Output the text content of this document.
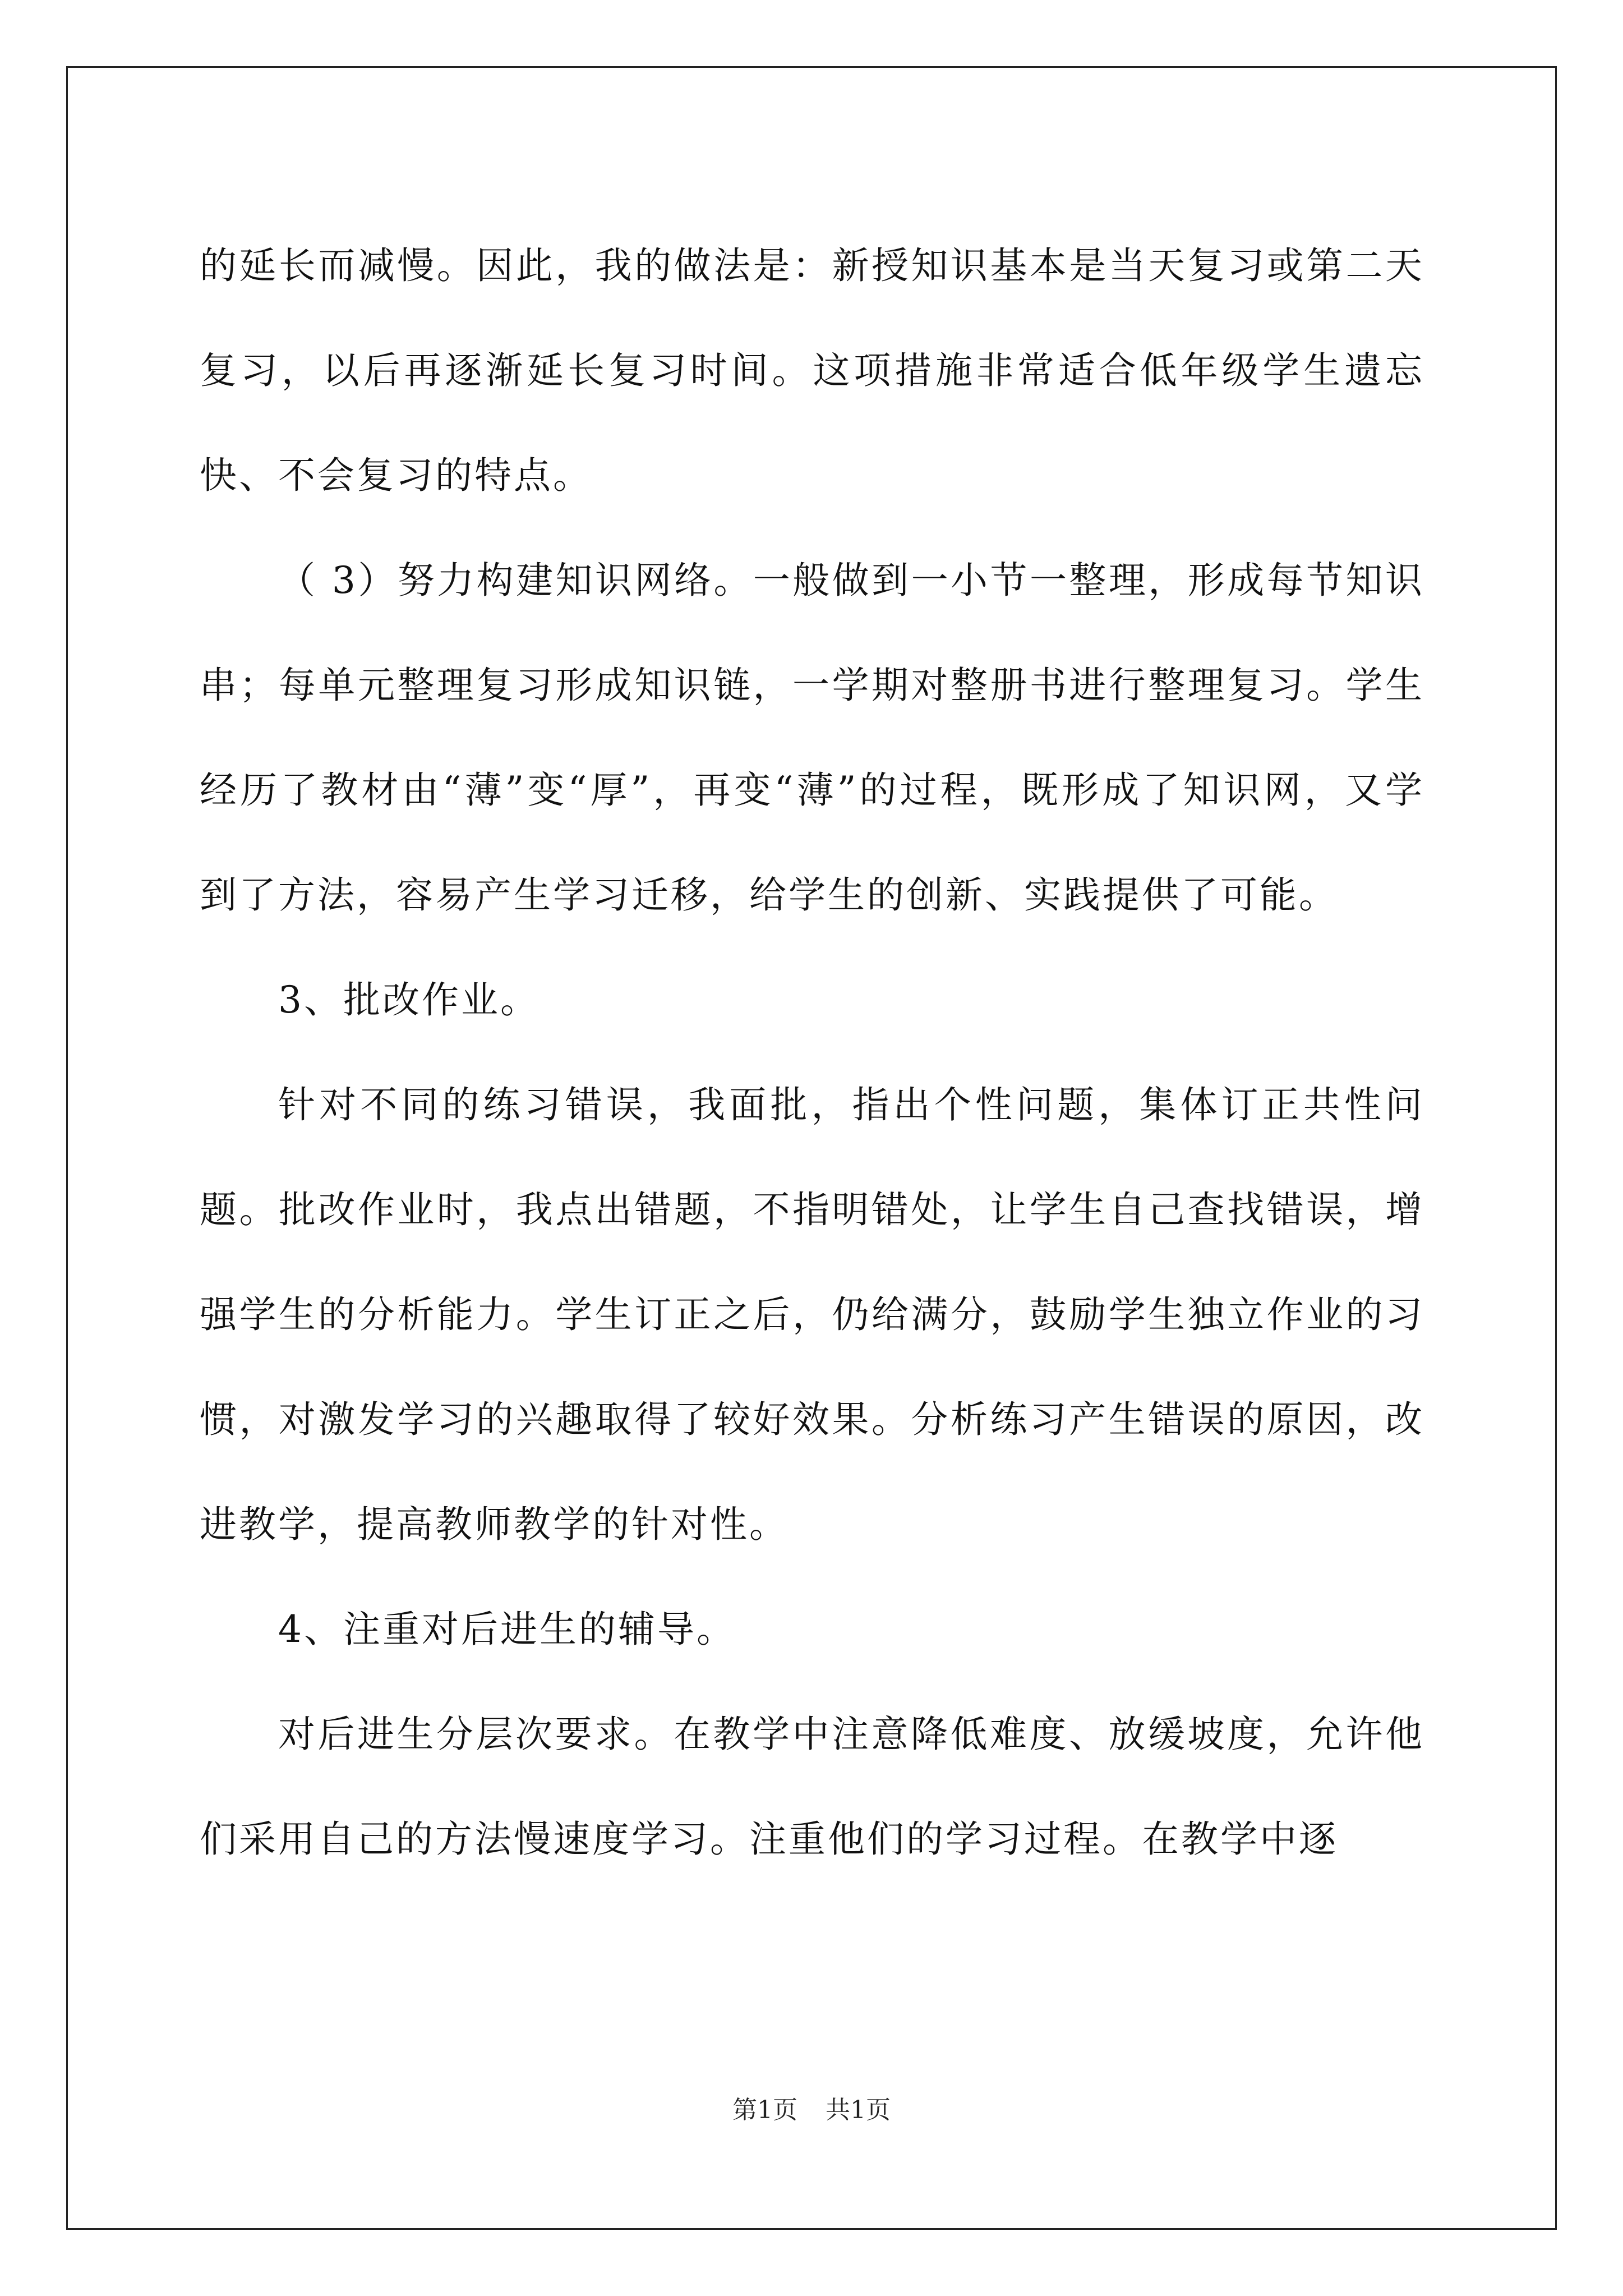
的延长而减慢。因此，我的做法是：新授知识基本是当天复习或第二天复习，以后再逐渐延长复习时间。这项措施非常适合低年级学生遗忘快、不会复习的特点。

（ 3）努力构建知识网络。一般做到一小节一整理，形成每节知识串；每单元整理复习形成知识链，一学期对整册书进行整理复习。学生经历了教材由“薄”变“厚”，再变“薄”的过程，既形成了知识网，又学到了方法，容易产生学习迁移，给学生的创新、实践提供了可能。

3、批改作业。

针对不同的练习错误，我面批，指出个性问题，集体订正共性问题。批改作业时，我点出错题，不指明错处，让学生自己查找错误，增强学生的分析能力。学生订正之后，仍给满分，鼓励学生独立作业的习惯，对激发学习的兴趣取得了较好效果。分析练习产生错误的原因，改进教学，提高教师教学的针对性。

4、注重对后进生的辅导。

对后进生分层次要求。在教学中注意降低难度、放缓坡度，允许他们采用自己的方法慢速度学习。注重他们的学习过程。在教学中逐

第1页 共1页
